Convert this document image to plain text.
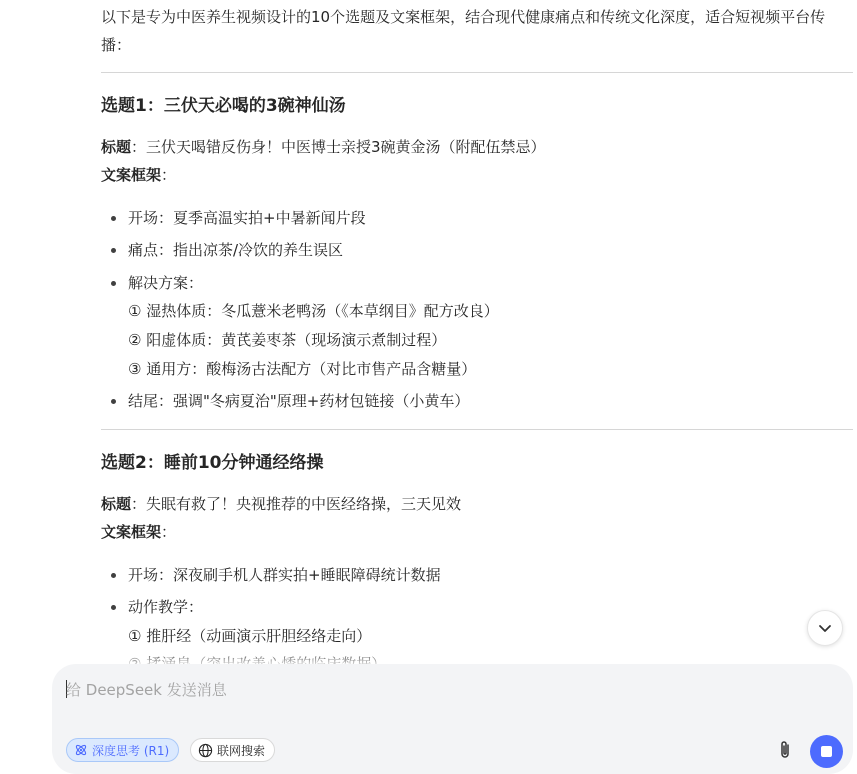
以下是专为中医养生视频设计的10个选题及文案框架，结合现代健康痛点和传统文化深度，适合短视频平台传播：

选题1：三伏天必喝的3碗神仙汤

标题：三伏天喝错反伤身！中医博士亲授3碗黄金汤（附配伍禁忌）

文案框架：

开场：夏季高温实拍+中暑新闻片段

痛点：指出凉茶/冷饮的养生误区

解决方案：

① 湿热体质：冬瓜薏米老鸭汤（《本草纲目》配方改良）

② 阳虚体质：黄芪姜枣茶（现场演示煮制过程）

③ 通用方：酸梅汤古法配方（对比市售产品含糖量）

结尾：强调"冬病夏治"原理+药材包链接（小黄车）

选题2：睡前10分钟通经络操

标题：失眠有救了！央视推荐的中医经络操，三天见效

文案框架：

开场：深夜刷手机人群实拍+睡眠障碍统计数据

动作教学：

① 推肝经（动画演示肝胆经络走向）

给 DeepSeek 发送消息
深度思考 (R1)	联网搜索
